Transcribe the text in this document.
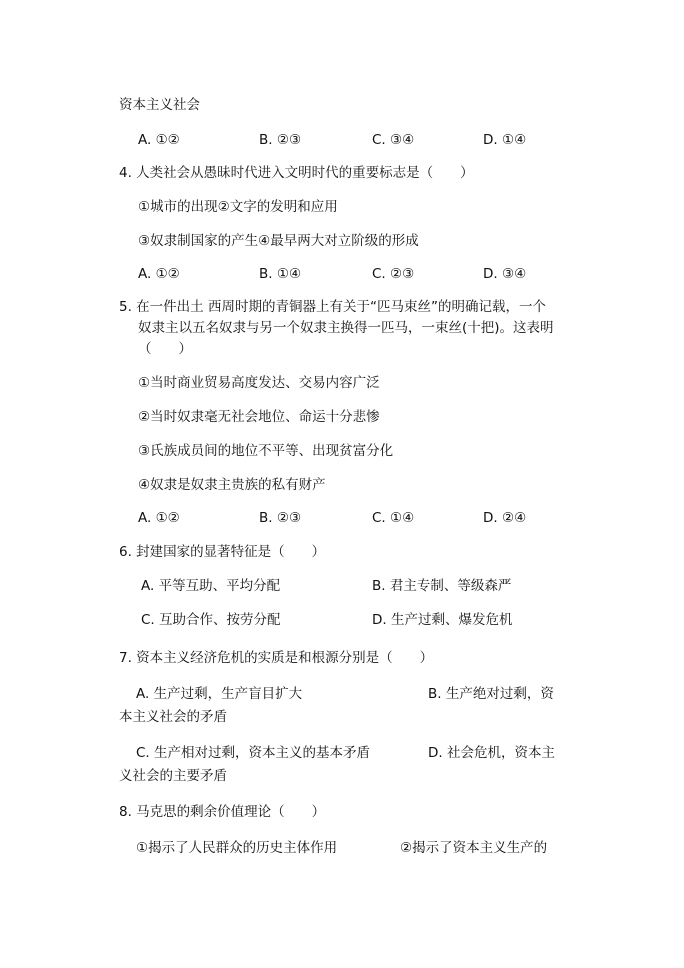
资本主义社会
A. ①②	B. ②③	C. ③④	D. ①④
4. 人类社会从愚昧时代进入文明时代的重要标志是（　　）
①城市的出现②文字的发明和应用
③奴隶制国家的产生④最早两大对立阶级的形成
A. ①②	B. ①④	C. ②③	D. ③④
5. 在一件出土 西周时期的青铜器上有关于“匹马束丝”的明确记载，一个
奴隶主以五名奴隶与另一个奴隶主换得一匹马，一束丝(十把)。这表明
（　　）
①当时商业贸易高度发达、交易内容广泛
②当时奴隶毫无社会地位、命运十分悲惨
③氏族成员间的地位不平等、出现贫富分化
④奴隶是奴隶主贵族的私有财产
A. ①②	B. ②③	C. ①④	D. ②④
6. 封建国家的显著特征是（　　）
A. 平等互助、平均分配	B. 君主专制、等级森严
C. 互助合作、按劳分配	D. 生产过剩、爆发危机
7. 资本主义经济危机的实质是和根源分别是（　　）
A. 生产过剩，生产盲目扩大	B. 生产绝对过剩，资
本主义社会的矛盾
C. 生产相对过剩，资本主义的基本矛盾	D. 社会危机，资本主
义社会的主要矛盾
8. 马克思的剩余价值理论（　　）
①揭示了人民群众的历史主体作用	②揭示了资本主义生产的
